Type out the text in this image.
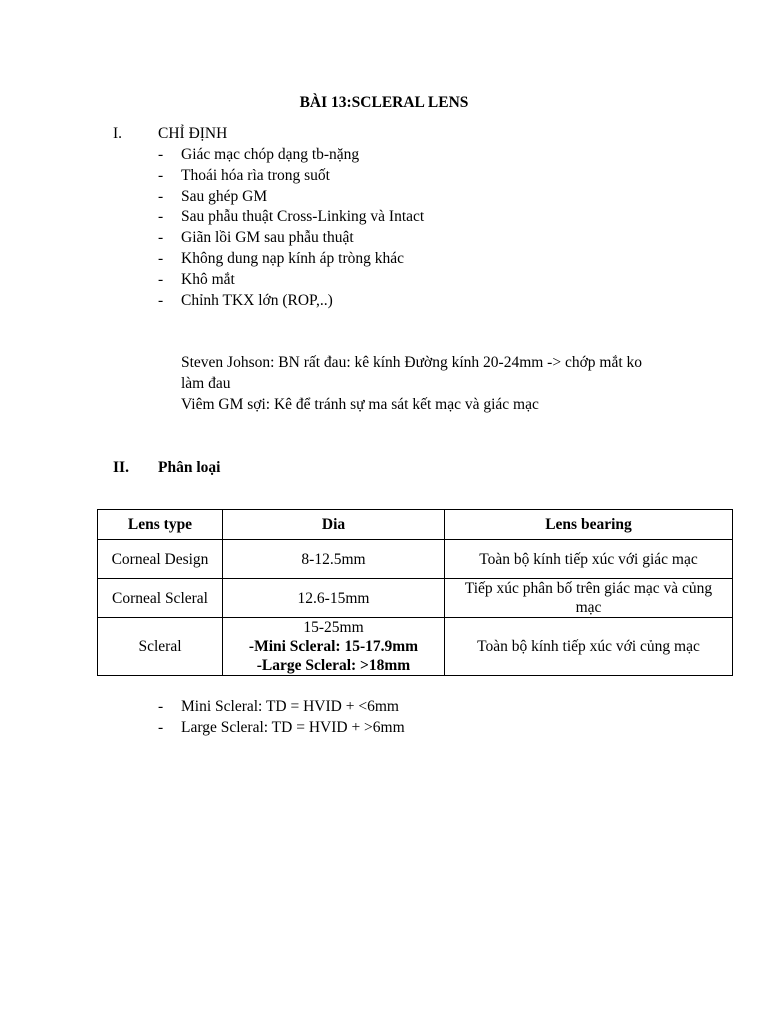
BÀI 13:SCLERAL LENS
I. CHỈ ĐỊNH
- Giác mạc chóp dạng tb-nặng
- Thoái hóa rìa trong suốt
- Sau ghép GM
- Sau phẫu thuật Cross-Linking và Intact
- Giãn lồi GM sau phẫu thuật
- Không dung nạp kính áp tròng khác
- Khô mắt
- Chỉnh TKX lớn (ROP,..)
Steven Johson: BN rất đau: kê kính Đường kính 20-24mm -> chớp mắt ko
làm đau
Viêm GM sợi: Kê để tránh sự ma sát kết mạc và giác mạc
II. Phân loại
Lens type	Dia	Lens bearing
Corneal Design	8-12.5mm	Toàn bộ kính tiếp xúc với giác mạc
Corneal Scleral	12.6-15mm	Tiếp xúc phân bố trên giác mạc và củng mạc
Scleral	15-25mm
-Mini Scleral: 15-17.9mm
-Large Scleral: >18mm	Toàn bộ kính tiếp xúc với củng mạc
- Mini Scleral: TD = HVID + <6mm
- Large Scleral: TD = HVID + >6mm
